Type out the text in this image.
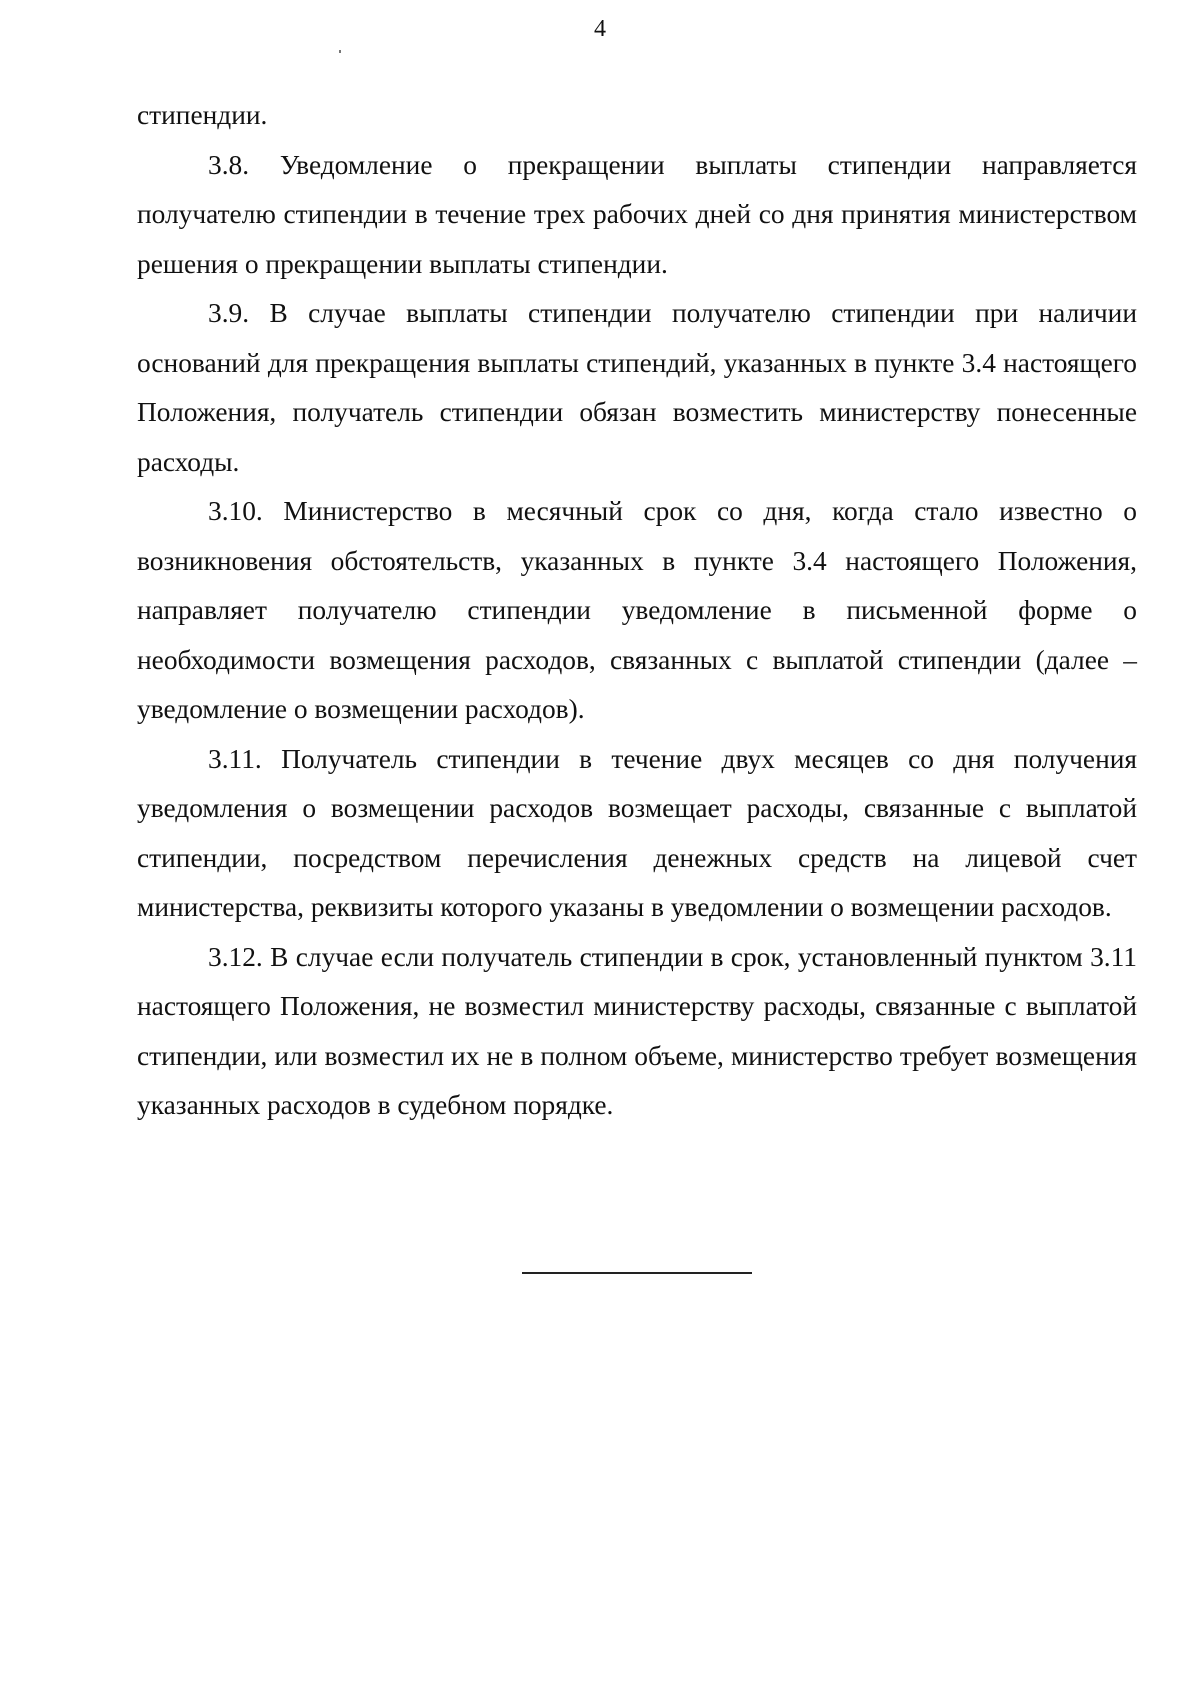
4

стипендии.

3.8. Уведомление о прекращении выплаты стипендии направляется получателю стипендии в течение трех рабочих дней со дня принятия министерством решения о прекращении выплаты стипендии.

3.9. В случае выплаты стипендии получателю стипендии при наличии оснований для прекращения выплаты стипендий, указанных в пункте 3.4 настоящего Положения, получатель стипендии обязан возместить министерству понесенные расходы.

3.10. Министерство в месячный срок со дня, когда стало известно о возникновения обстоятельств, указанных в пункте 3.4 настоящего Положения, направляет получателю стипендии уведомление в письменной форме о необходимости возмещения расходов, связанных с выплатой стипендии (далее – уведомление о возмещении расходов).

3.11. Получатель стипендии в течение двух месяцев со дня получения уведомления о возмещении расходов возмещает расходы, связанные с выплатой стипендии, посредством перечисления денежных средств на лицевой счет министерства, реквизиты которого указаны в уведомлении о возмещении расходов.

3.12. В случае если получатель стипендии в срок, установленный пунктом 3.11 настоящего Положения, не возместил министерству расходы, связанные с выплатой стипендии, или возместил их не в полном объеме, министерство требует возмещения указанных расходов в судебном порядке.
